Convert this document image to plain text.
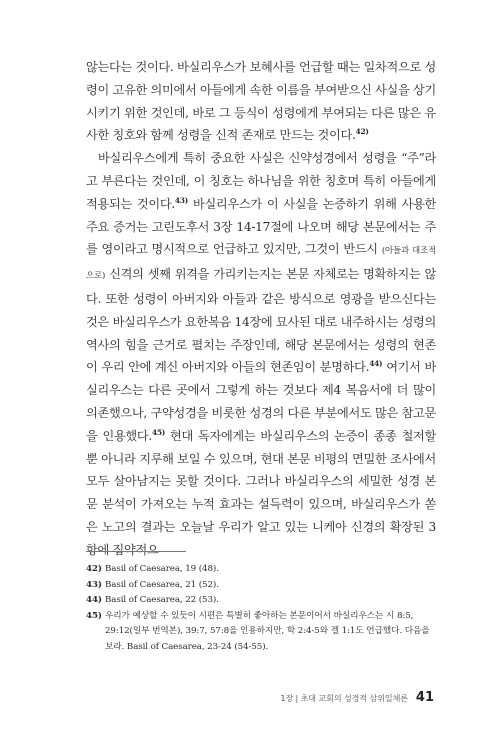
않는다는 것이다. 바실리우스가 보혜사를 언급할 때는 일차적으로 성령이 고유한 의미에서 아들에게 속한 이름을 부여받으신 사실을 상기시키기 위한 것인데, 바로 그 등식이 성령에게 부여되는 다른 많은 유사한 칭호와 함께 성령을 신적 존재로 만드는 것이다.$^{42)}$

바실리우스에게 특히 중요한 사실은 신약성경에서 성령을 “주”라고 부른다는 것인데, 이 칭호는 하나님을 위한 칭호며 특히 아들에게 적용되는 것이다.$^{43)}$ 바실리우스가 이 사실을 논증하기 위해 사용한 주요 증거는 고린도후서 3장 14-17절에 나오며 해당 본문에서는 주를 영이라고 명시적으로 언급하고 있지만, 그것이 반드시 (아들과 대조적으로) 신격의 셋째 위격을 가리키는지는 본문 자체로는 명확하지는 않다. 또한 성령이 아버지와 아들과 같은 방식으로 영광을 받으신다는 것은 바실리우스가 요한복음 14장에 묘사된 대로 내주하시는 성령의 역사의 힘을 근거로 펼치는 주장인데, 해당 본문에서는 성령의 현존이 우리 안에 계신 아버지와 아들의 현존임이 분명하다.$^{44)}$ 여기서 바실리우스는 다른 곳에서 그렇게 하는 것보다 제4 복음서에 더 많이 의존했으나, 구약성경을 비롯한 성경의 다른 부분에서도 많은 참고문을 인용했다.$^{45)}$ 현대 독자에게는 바실리우스의 논증이 종종 철저할 뿐 아니라 지루해 보일 수 있으며, 현대 본문 비평의 면밀한 조사에서 모두 살아남지는 못할 것이다. 그러나 바실리우스의 세밀한 성경 본문 분석이 가져오는 누적 효과는 설득력이 있으며, 바실리우스가 쏟은 노고의 결과는 오늘날 우리가 알고 있는 니케아 신경의 확장된 3항에 집약적으

42) Basil of Caesarea, 19 (48).
43) Basil of Caesarea, 21 (52).
44) Basil of Caesarea, 22 (53).
45) 우리가 예상할 수 있듯이 시편은 특별히 좋아하는 본문이어서 바실리우스는 시 8:5, 29:12(일부 번역본), 39:7, 57:8을 인용하지만, 학 2:4-5와 겔 1:1도 언급했다. 다음을 보라. Basil of Caesarea, 23-24 (54-55).
1장 | 초대 교회의 성경적 삼위일체론 41
